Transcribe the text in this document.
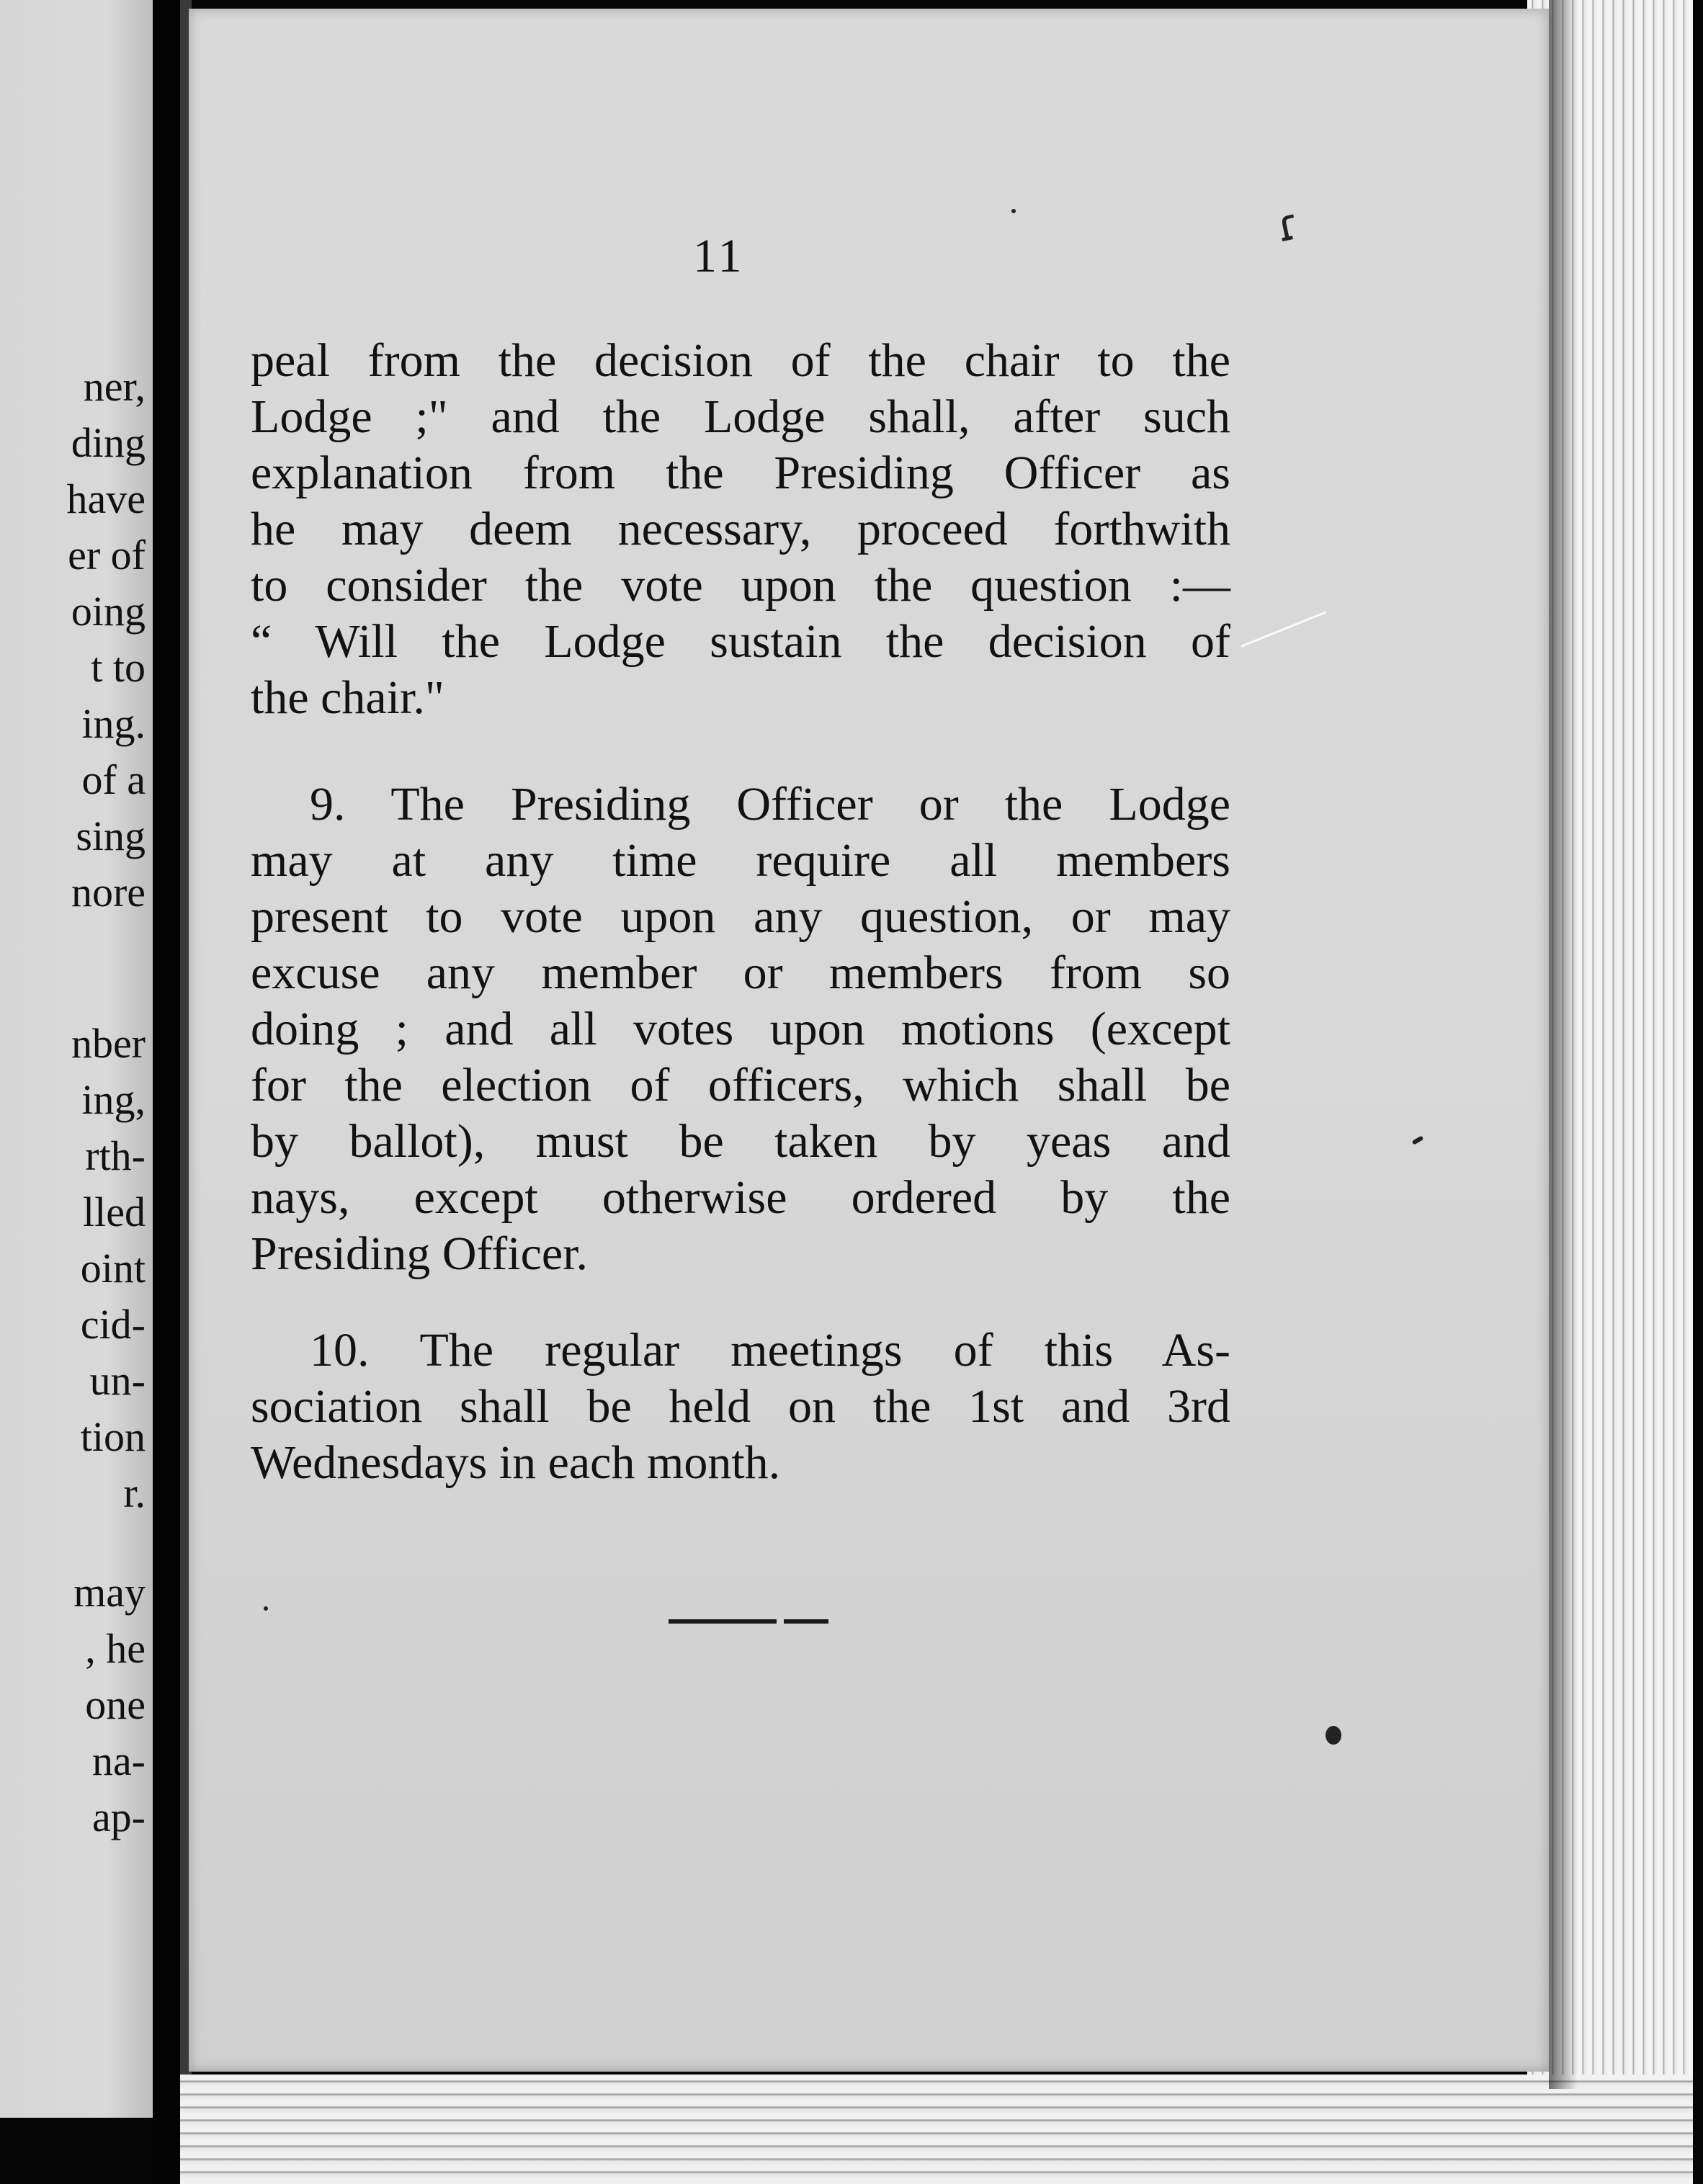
ner,
ding
have
er of
oing
t to
ing.
of a
sing
nore
nber
ing,
rth-
lled
oint
cid-
un-
tion
r.
may
, he
one
na-
ap-
11
peal from the decision of the chair to the
Lodge ;" and the Lodge shall, after such
explanation from the Presiding Officer as
he may deem necessary, proceed forthwith
to consider the vote upon the question :—
“ Will the Lodge sustain the decision of
the chair."
9. The Presiding Officer or the Lodge
may at any time require all members
present to vote upon any question, or may
excuse any member or members from so
doing ; and all votes upon motions (except
for the election of officers, which shall be
by ballot), must be taken by yeas and
nays, except otherwise ordered by the
Presiding Officer.
10. The regular meetings of this As-
sociation shall be held on the 1st and 3rd
Wednesdays in each month.
ɾ
